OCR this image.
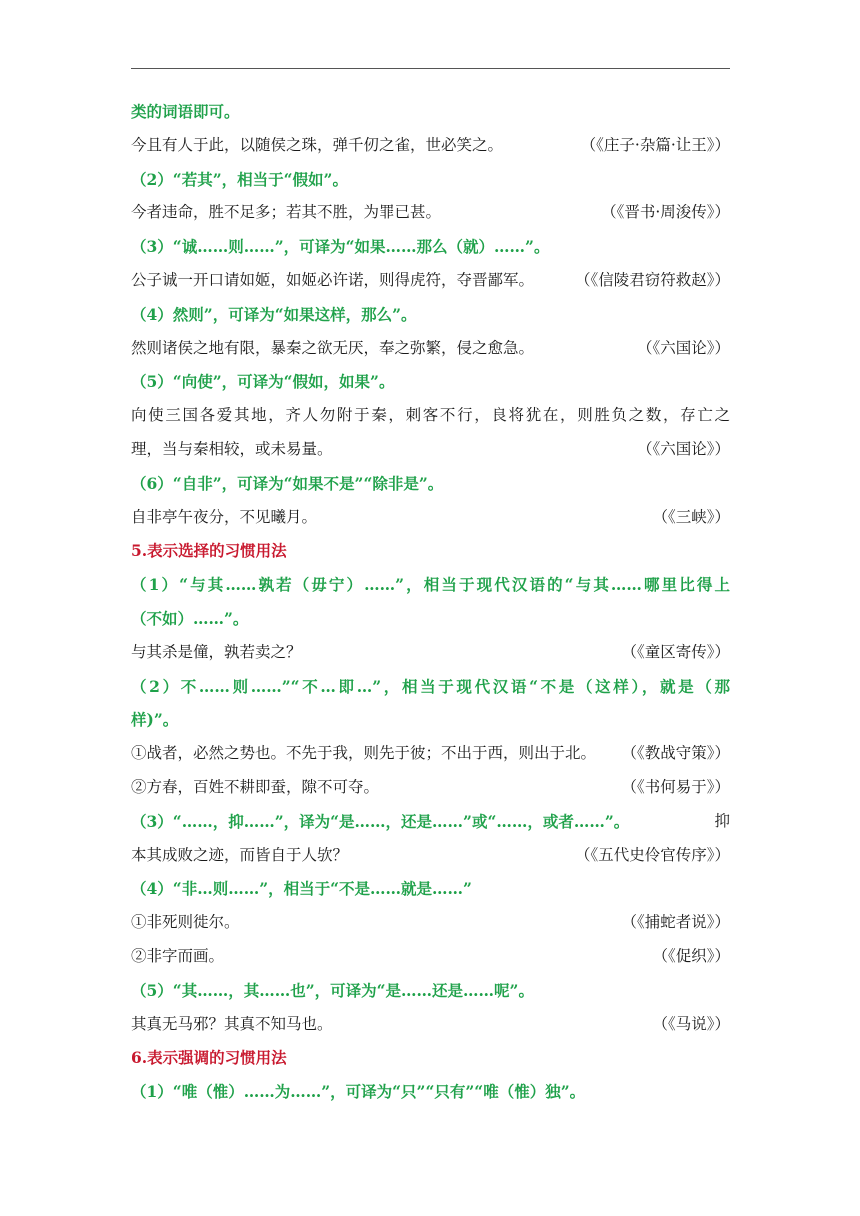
类的词语即可。
今且有人于此，以随侯之珠，弹千仞之雀，世必笑之。	（《庄子·杂篇·让王》）
（2）“若其”，相当于“假如”。
今者违命，胜不足多；若其不胜，为罪已甚。	（《晋书·周浚传》）
（3）“诚……则……”，可译为“如果……那么（就）……”。
公子诚一开口请如姬，如姬必许诺，则得虎符，夺晋鄙军。	（《信陵君窃符救赵》）
（4）然则”，可译为“如果这样，那么”。
然则诸侯之地有限，暴秦之欲无厌，奉之弥繁，侵之愈急。	（《六国论》）
（5）“向使”，可译为“假如，如果”。
向使三国各爱其地，齐人勿附于秦，刺客不行，良将犹在，则胜负之数，存亡之
理，当与秦相较，或未易量。	（《六国论》）
（6）“自非”，可译为“如果不是”“除非是”。
自非亭午夜分，不见曦月。	（《三峡》）
5.表示选择的习惯用法
（1）“与其……孰若（毋宁）……”，相当于现代汉语的“与其……哪里比得上
（不如）……”。
与其杀是僮，孰若卖之？	（《童区寄传》）
（2）不……则……”“不…即…”，相当于现代汉语“不是（这样），就是（那
样)”。
①战者，必然之势也。不先于我，则先于彼；不出于西，则出于北。 （《教战守策》）
②方春，百姓不耕即蚕，隙不可夺。	（《书何易于》）
（3）“……，抑……”，译为“是……，还是……”或“……，或者……”。	抑
本其成败之迹，而皆自于人欤？	（《五代史伶官传序》）
（4）“非…则……”，相当于“不是……就是……”
①非死则徙尔。	（《捕蛇者说》）
②非字而画。	（《促织》）
（5）“其……，其……也”，可译为“是……还是……呢”。
其真无马邪？其真不知马也。	（《马说》）
6.表示强调的习惯用法
（1）“唯（惟）……为……”，可译为“只”“只有”“唯（惟）独”。
